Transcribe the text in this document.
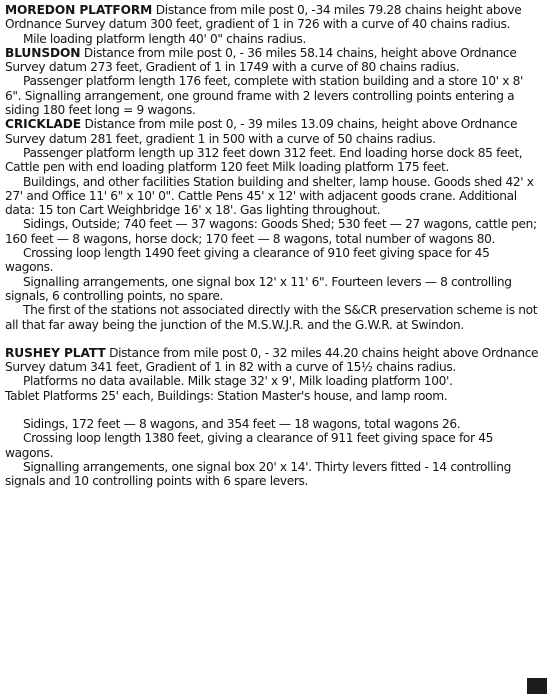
MOREDON PLATFORM Distance from mile post 0, -34 miles 79.28 chains height above Ordnance Survey datum 300 feet, gradient of 1 in 726 with a curve of 40 chains radius.

Mile loading platform length 40' 0" chains radius.

BLUNSDON Distance from mile post 0, - 36 miles 58.14 chains, height above Ordnance Survey datum 273 feet, Gradient of 1 in 1749 with a curve of 80 chains radius.

Passenger platform length 176 feet, complete with station building and a store 10' x 8' 6". Signalling arrangement, one ground frame with 2 levers controlling points entering a siding 180 feet long = 9 wagons.

CRICKLADE Distance from mile post 0, - 39 miles 13.09 chains, height above Ordnance Survey datum 281 feet, gradient 1 in 500 with a curve of 50 chains radius.

Passenger platform length up 312 feet down 312 feet. End loading horse dock 85 feet, Cattle pen with end loading platform 120 feet Milk loading platform 175 feet.

Buildings, and other facilities Station building and shelter, lamp house. Goods shed 42' x 27' and Office 11' 6" x 10' 0". Cattle Pens 45' x 12' with adjacent goods crane. Additional data: 15 ton Cart Weighbridge 16' x 18'. Gas lighting throughout.

Sidings, Outside; 740 feet — 37 wagons: Goods Shed; 530 feet — 27 wagons, cattle pen; 160 feet — 8 wagons, horse dock; 170 feet — 8 wagons, total number of wagons 80.

Crossing loop length 1490 feet giving a clearance of 910 feet giving space for 45 wagons.

Signalling arrangements, one signal box 12' x 11' 6". Fourteen levers — 8 controlling signals, 6 controlling points, no spare.

The first of the stations not associated directly with the S&CR preservation scheme is not all that far away being the junction of the M.S.W.J.R. and the G.W.R. at Swindon.

RUSHEY PLATT Distance from mile post 0, - 32 miles 44.20 chains height above Ordnance Survey datum 341 feet, Gradient of 1 in 82 with a curve of 15½ chains radius.

Platforms no data available. Milk stage 32' x 9', Milk loading platform 100'.

Tablet Platforms 25' each, Buildings: Station Master's house, and lamp room.

Sidings, 172 feet — 8 wagons, and 354 feet — 18 wagons, total wagons 26.

Crossing loop length 1380 feet, giving a clearance of 911 feet giving space for 45 wagons.

Signalling arrangements, one signal box 20' x 14'. Thirty levers fitted - 14 controlling signals and 10 controlling points with 6 spare levers.
